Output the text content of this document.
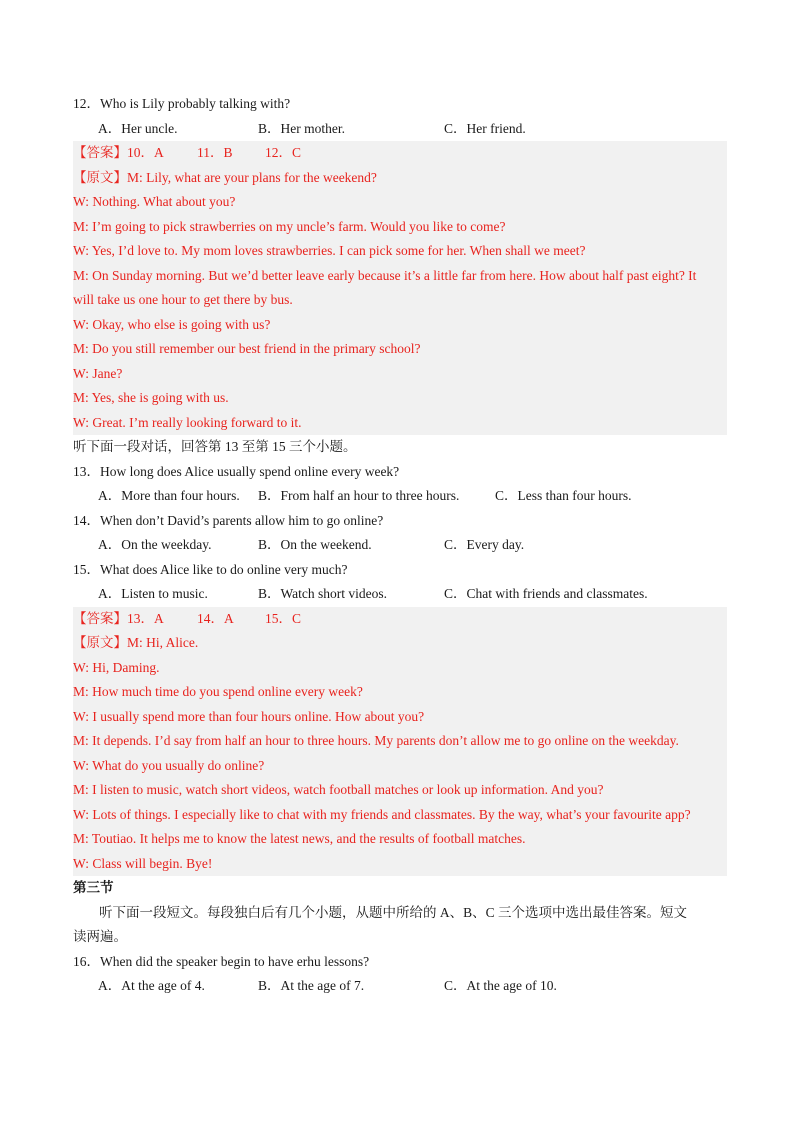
12．Who is Lily probably talking with?
A．Her uncle.	B．Her mother.	C．Her friend.
【答案】10．A 11．B 12．C
【原文】M: Lily, what are your plans for the weekend?
W: Nothing. What about you?
M: I’m going to pick strawberries on my uncle’s farm. Would you like to come?
W: Yes, I’d love to. My mom loves strawberries. I can pick some for her. When shall we meet?
M: On Sunday morning. But we’d better leave early because it’s a little far from here. How about half past eight? It
will take us one hour to get there by bus.
W: Okay, who else is going with us?
M: Do you still remember our best friend in the primary school?
W: Jane?
M: Yes, she is going with us.
W: Great. I’m really looking forward to it.
听下面一段对话，回答第 13 至第 15 三个小题。
13．How long does Alice usually spend online every week?
A．More than four hours.	B．From half an hour to three hours.	C．Less than four hours.
14．When don’t David’s parents allow him to go online?
A．On the weekday.	B．On the weekend.	C．Every day.
15．What does Alice like to do online very much?
A．Listen to music.	B．Watch short videos.	C．Chat with friends and classmates.
【答案】13．A 14．A 15．C
【原文】M: Hi, Alice.
W: Hi, Daming.
M: How much time do you spend online every week?
W: I usually spend more than four hours online. How about you?
M: It depends. I’d say from half an hour to three hours. My parents don’t allow me to go online on the weekday.
W: What do you usually do online?
M: I listen to music, watch short videos, watch football matches or look up information. And you?
W: Lots of things. I especially like to chat with my friends and classmates. By the way, what’s your favourite app?
M: Toutiao. It helps me to know the latest news, and the results of football matches.
W: Class will begin. Bye!
第三节
听下面一段短文。每段独白后有几个小题，从题中所给的 A、B、C 三个选项中选出最佳答案。短文
读两遍。
16．When did the speaker begin to have erhu lessons?
A．At the age of 4.	B．At the age of 7.	C．At the age of 10.
